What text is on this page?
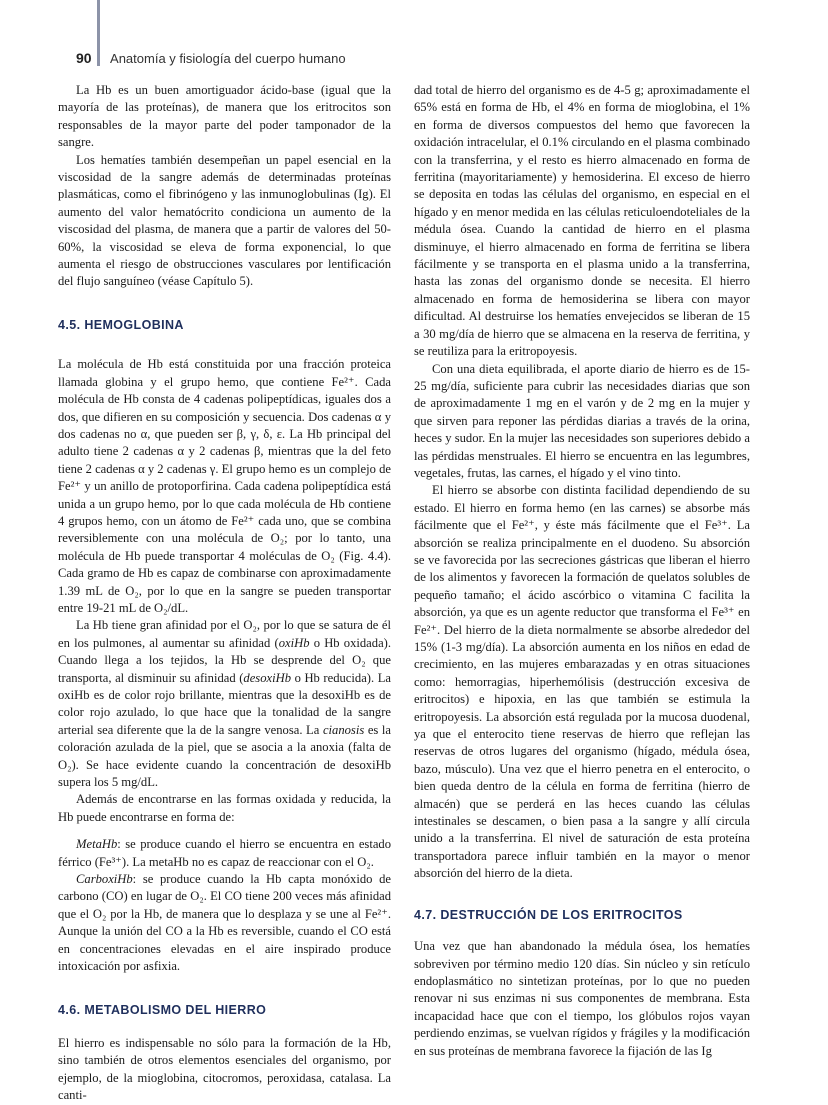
90 Anatomía y fisiología del cuerpo humano

La Hb es un buen amortiguador ácido-base (igual que la mayoría de las proteínas), de manera que los eritrocitos son responsables de la mayor parte del poder tamponador de la sangre.

Los hematíes también desempeñan un papel esencial en la viscosidad de la sangre además de determinadas proteínas plasmáticas, como el fibrinógeno y las inmunoglobulinas (Ig). El aumento del valor hematócrito condiciona un aumento de la viscosidad del plasma, de manera que a partir de valores del 50-60%, la viscosidad se eleva de forma exponencial, lo que aumenta el riesgo de obstrucciones vasculares por lentificación del flujo sanguíneo (véase Capítulo 5).

4.5. HEMOGLOBINA

La molécula de Hb está constituida por una fracción proteica llamada globina y el grupo hemo, que contiene Fe²⁺. Cada molécula de Hb consta de 4 cadenas polipeptídicas, iguales dos a dos, que difieren en su composición y secuencia. Dos cadenas α y dos cadenas no α, que pueden ser β, γ, δ, ε. La Hb principal del adulto tiene 2 cadenas α y 2 cadenas β, mientras que la del feto tiene 2 cadenas α y 2 cadenas γ. El grupo hemo es un complejo de Fe²⁺ y un anillo de protoporfirina. Cada cadena polipeptídica está unida a un grupo hemo, por lo que cada molécula de Hb contiene 4 grupos hemo, con un átomo de Fe²⁺ cada uno, que se combina reversiblemente con una molécula de O₂; por lo tanto, una molécula de Hb puede transportar 4 moléculas de O₂ (Fig. 4.4). Cada gramo de Hb es capaz de combinarse con aproximadamente 1.39 mL de O₂, por lo que en la sangre se pueden transportar entre 19-21 mL de O₂/dL.

La Hb tiene gran afinidad por el O₂, por lo que se satura de él en los pulmones, al aumentar su afinidad (oxiHb o Hb oxidada). Cuando llega a los tejidos, la Hb se desprende del O₂ que transporta, al disminuir su afinidad (desoxiHb o Hb reducida). La oxiHb es de color rojo brillante, mientras que la desoxiHb es de color rojo azulado, lo que hace que la tonalidad de la sangre arterial sea diferente que la de la sangre venosa. La cianosis es la coloración azulada de la piel, que se asocia a la anoxia (falta de O₂). Se hace evidente cuando la concentración de desoxiHb supera los 5 mg/dL.

Además de encontrarse en las formas oxidada y reducida, la Hb puede encontrarse en forma de:

MetaHb: se produce cuando el hierro se encuentra en estado férrico (Fe³⁺). La metaHb no es capaz de reaccionar con el O₂.

CarboxiHb: se produce cuando la Hb capta monóxido de carbono (CO) en lugar de O₂. El CO tiene 200 veces más afinidad que el O₂ por la Hb, de manera que lo desplaza y se une al Fe²⁺. Aunque la unión del CO a la Hb es reversible, cuando el CO está en concentraciones elevadas en el aire inspirado produce intoxicación por asfixia.

4.6. METABOLISMO DEL HIERRO

El hierro es indispensable no sólo para la formación de la Hb, sino también de otros elementos esenciales del organismo, por ejemplo, de la mioglobina, citocromos, peroxidasa, catalasa. La canti-

dad total de hierro del organismo es de 4-5 g; aproximadamente el 65% está en forma de Hb, el 4% en forma de mioglobina, el 1% en forma de diversos compuestos del hemo que favorecen la oxidación intracelular, el 0.1% circulando en el plasma combinado con la transferrina, y el resto es hierro almacenado en forma de ferritina (mayoritariamente) y hemosiderina. El exceso de hierro se deposita en todas las células del organismo, en especial en el hígado y en menor medida en las células reticuloendoteliales de la médula ósea. Cuando la cantidad de hierro en el plasma disminuye, el hierro almacenado en forma de ferritina se libera fácilmente y se transporta en el plasma unido a la transferrina, hasta las zonas del organismo donde se necesita. El hierro almacenado en forma de hemosiderina se libera con mayor dificultad. Al destruirse los hematíes envejecidos se liberan de 15 a 30 mg/día de hierro que se almacena en la reserva de ferritina, y se reutiliza para la eritropoyesis.

Con una dieta equilibrada, el aporte diario de hierro es de 15-25 mg/día, suficiente para cubrir las necesidades diarias que son de aproximadamente 1 mg en el varón y de 2 mg en la mujer y que sirven para reponer las pérdidas diarias a través de la orina, heces y sudor. En la mujer las necesidades son superiores debido a las pérdidas menstruales. El hierro se encuentra en las legumbres, vegetales, frutas, las carnes, el hígado y el vino tinto.

El hierro se absorbe con distinta facilidad dependiendo de su estado. El hierro en forma hemo (en las carnes) se absorbe más fácilmente que el Fe²⁺, y éste más fácilmente que el Fe³⁺. La absorción se realiza principalmente en el duodeno. Su absorción se ve favorecida por las secreciones gástricas que liberan el hierro de los alimentos y favorecen la formación de quelatos solubles de pequeño tamaño; el ácido ascórbico o vitamina C facilita la absorción, ya que es un agente reductor que transforma el Fe³⁺ en Fe²⁺. Del hierro de la dieta normalmente se absorbe alrededor del 15% (1-3 mg/día). La absorción aumenta en los niños en edad de crecimiento, en las mujeres embarazadas y en otras situaciones como: hemorragias, hiperhemólisis (destrucción excesiva de eritrocitos) e hipoxia, en las que también se estimula la eritropoyesis. La absorción está regulada por la mucosa duodenal, ya que el enterocito tiene reservas de hierro que reflejan las reservas de otros lugares del organismo (hígado, médula ósea, bazo, músculo). Una vez que el hierro penetra en el enterocito, o bien queda dentro de la célula en forma de ferritina (hierro de almacén) que se perderá en las heces cuando las células intestinales se descamen, o bien pasa a la sangre y allí circula unido a la transferrina. El nivel de saturación de esta proteína transportadora parece influir también en la mayor o menor absorción del hierro de la dieta.

4.7. DESTRUCCIÓN DE LOS ERITROCITOS

Una vez que han abandonado la médula ósea, los hematíes sobreviven por término medio 120 días. Sin núcleo y sin retículo endoplasmático no sintetizan proteínas, por lo que no pueden renovar ni sus enzimas ni sus componentes de membrana. Esta incapacidad hace que con el tiempo, los glóbulos rojos vayan perdiendo enzimas, se vuelvan rígidos y frágiles y la modificación en sus proteínas de membrana favorece la fijación de las Ig
